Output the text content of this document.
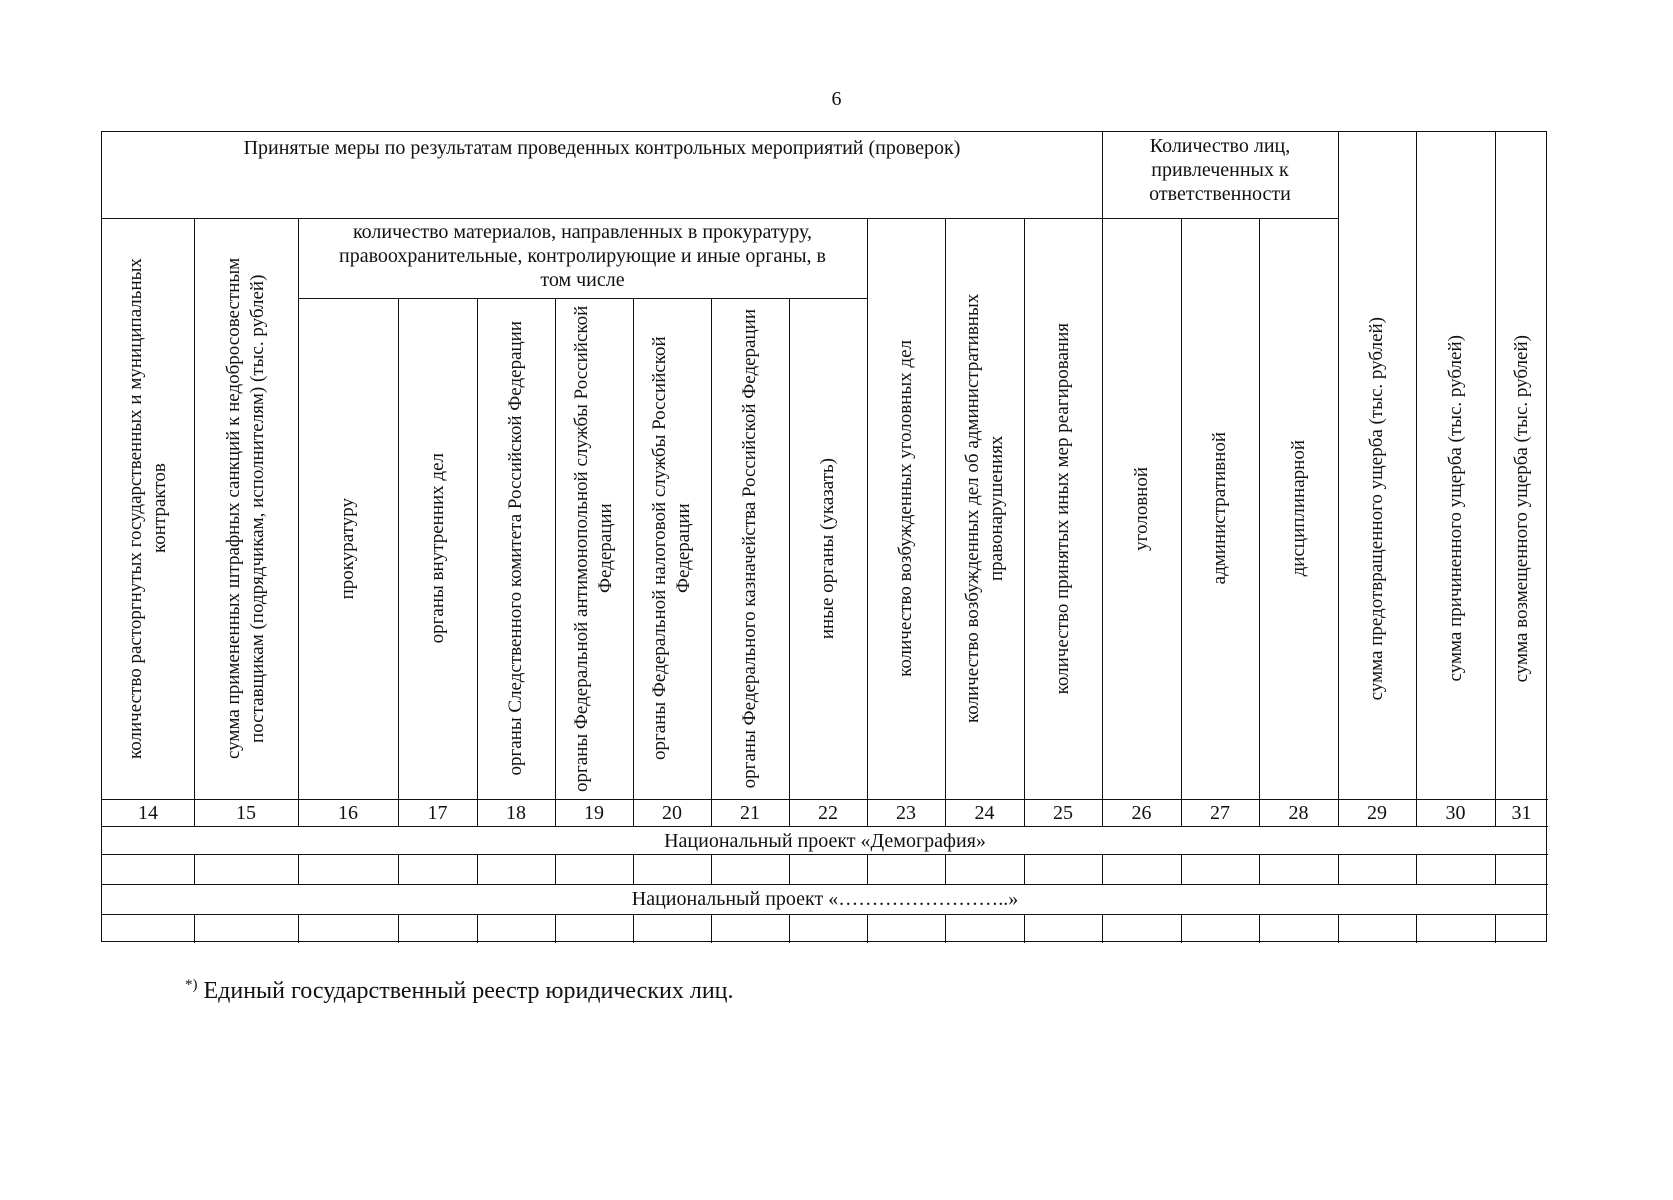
6
Принятые меры по результатам проведенных контрольных мероприятий (проверок)	Количество лиц, привлеченных к ответственности
количество материалов, направленных в прокуратуру, правоохранительные, контролирующие и иные органы, в том числе
количество расторгнутых государственных и муниципальных контрактов
14
сумма примененных штрафных санкций к недобросовестным поставщикам (подрядчикам, исполнителям) (тыс. рублей)
15
прокуратуру
16
органы внутренних дел
17
органы Следственного комитета Российской Федерации
18
органы Федеральной антимонопольной службы Российской Федерации
19
органы Федеральной налоговой службы Российской Федерации
20
органы Федерального казначейства Российской Федерации
21
иные органы (указать)
22
количество возбужденных уголовных дел
23
количество возбужденных дел об административных правонарушениях
24
количество принятых иных мер реагирования
25
уголовной
26
административной
27
дисциплинарной
28
сумма предотвращенного ущерба (тыс. рублей)
29
сумма причиненного ущерба (тыс. рублей)
30
сумма возмещенного ущерба (тыс. рублей)
31
Национальный проект «Демография»
Национальный проект «……………………..»
*) Единый государственный реестр юридических лиц.
